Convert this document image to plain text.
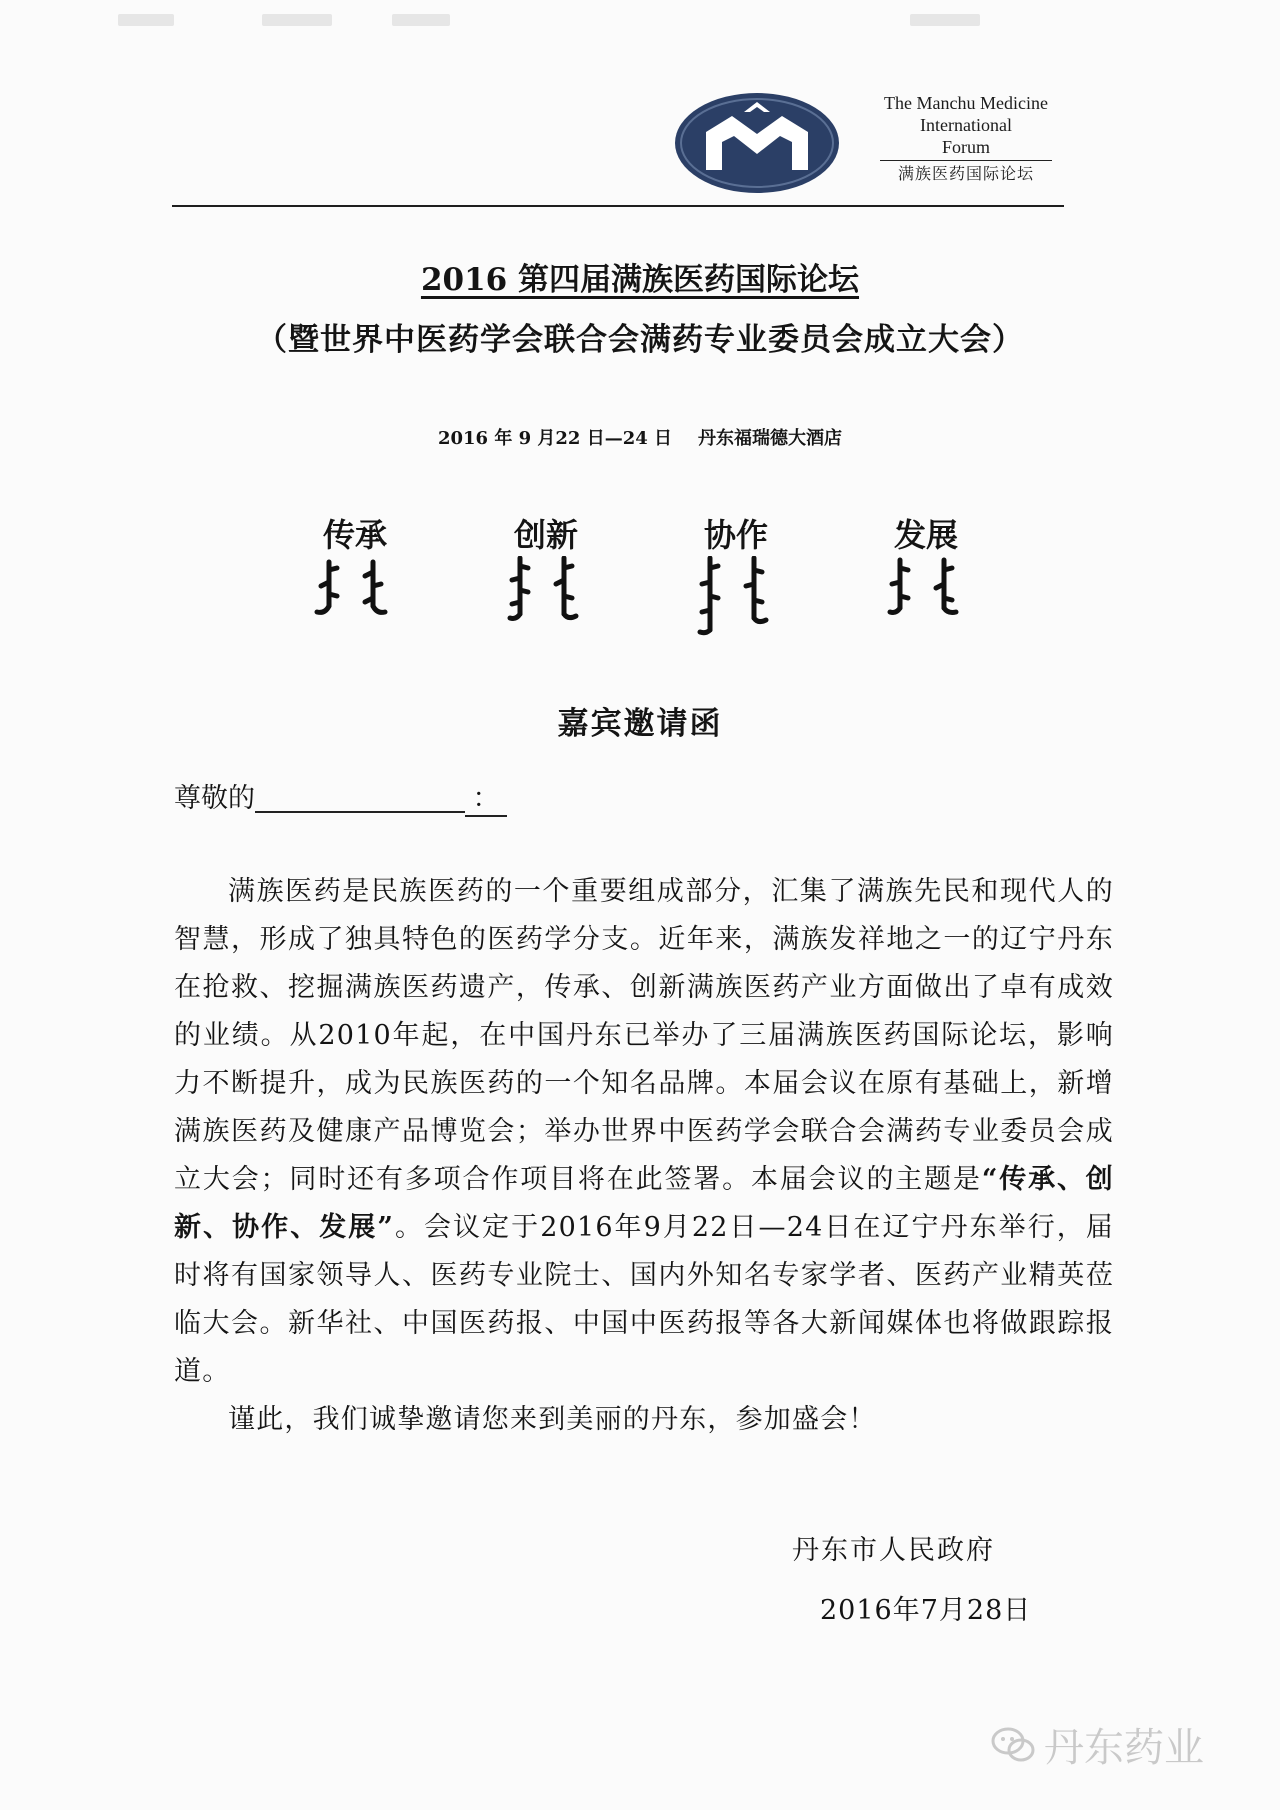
The Manchu Medicine
International
Forum
满族医药国际论坛
2016 第四届满族医药国际论坛
（暨世界中医药学会联合会满药专业委员会成立大会）
2016 年 9 月22 日—24 日 丹东福瑞德大酒店
传承	创新	协作	发展
嘉宾邀请函
尊敬的	：

满族医药是民族医药的一个重要组成部分，汇集了满族先民和现代人的智慧，形成了独具特色的医药学分支。近年来，满族发祥地之一的辽宁丹东在抢救、挖掘满族医药遗产，传承、创新满族医药产业方面做出了卓有成效的业绩。从2010年起，在中国丹东已举办了三届满族医药国际论坛，影响力不断提升，成为民族医药的一个知名品牌。本届会议在原有基础上，新增满族医药及健康产品博览会；举办世界中医药学会联合会满药专业委员会成立大会；同时还有多项合作项目将在此签署。本届会议的主题是“传承、创新、协作、发展”。会议定于2016年9月22日—24日在辽宁丹东举行，届时将有国家领导人、医药专业院士、国内外知名专家学者、医药产业精英莅临大会。新华社、中国医药报、中国中医药报等各大新闻媒体也将做跟踪报道。

谨此，我们诚挚邀请您来到美丽的丹东，参加盛会！

丹东市人民政府
2016年7月28日
丹东药业
